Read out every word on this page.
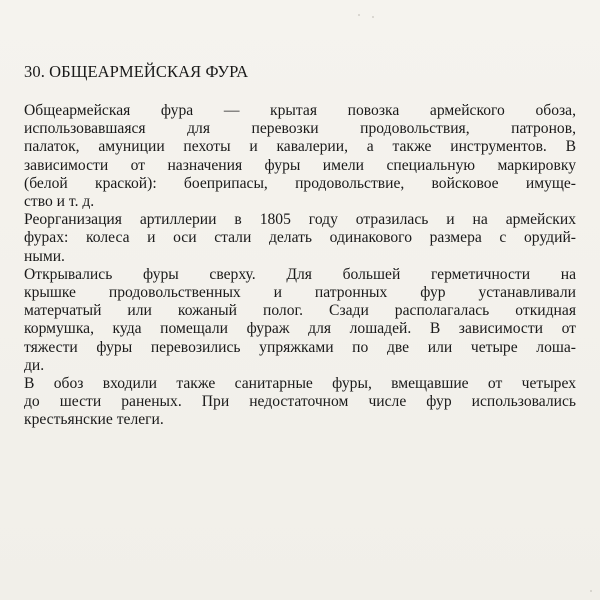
30. ОБЩЕАРМЕЙСКАЯ ФУРА

Общеармейская фура — крытая повозка армейского обоза,
использовавшаяся для перевозки продовольствия, патронов,
палаток, амуниции пехоты и кавалерии, а также инструментов. В
зависимости от назначения фуры имели специальную маркировку
(белой краской): боеприпасы, продовольствие, войсковое имуще-
ство и т. д.

Реорганизация артиллерии в 1805 году отразилась и на армейских
фурах: колеса и оси стали делать одинакового размера с орудий-
ными.

Открывались фуры сверху. Для большей герметичности на
крышке продовольственных и патронных фур устанавливали
матерчатый или кожаный полог. Сзади располагалась откидная
кормушка, куда помещали фураж для лошадей. В зависимости от
тяжести фуры перевозились упряжками по две или четыре лоша-
ди.

В обоз входили также санитарные фуры, вмещавшие от четырех
до шести раненых. При недостаточном числе фур использовались
крестьянские телеги.
